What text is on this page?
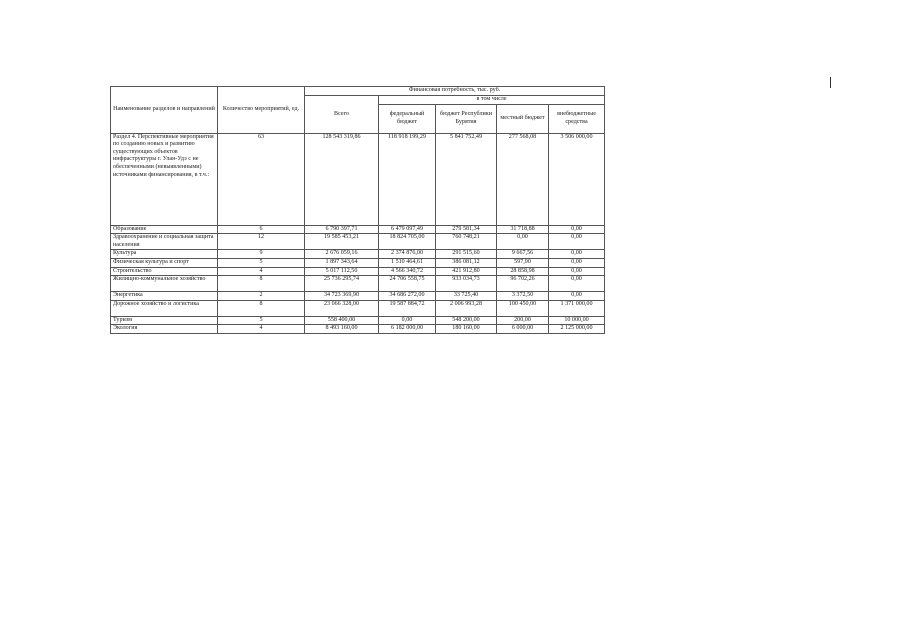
Наименование разделов и направлений	Количество мероприятий, ед.	Финансовая потребность, тыс. руб.				
		Всего	в том числе			
			федеральный бюджет	бюджет Республики Бурятия	местный бюджет	внебюджетные средства
Раздел 4. Перспективные мероприятия по созданию новых и развитию существующих объектов инфраструктуры г. Улан-Удэ с не обеспеченными (невыявленными) источниками финансирования, в т.ч.:	63	128 543 319,86	118 918 199,29	5 841 752,49	277 568,08	3 506 000,00
Образование	6	6 790 397,71	6 479 097,49	279 581,34	31 718,88	0,00
Здравоохранение и социальная защита населения	12	19 585 453,21	18 824 705,00	760 748,21	0,00	0,00
Культура	9	2 676 059,16	2 374 876,00	291 515,60	9 667,56	0,00
Физическая культура и спорт	5	1 897 343,64	1 510 464,61	386 081,12	597,90	0,00
Строительство	4	5 017 112,50	4 566 340,72	421 912,80	28 858,98	0,00
Жилищно-коммунальное хозяйство	8	25 736 295,74	24 706 558,75	933 034,73	96 702,26	0,00
Энергетика	2	34 723 369,90	34 686 272,00	33 725,40	3 372,50	0,00
Дорожное хозяйство и логистика	8	23 066 328,00	19 587 884,72	2 006 993,28	100 450,00	1 371 000,00
Туризм	5	558 400,00	0,00	548 200,00	200,00	10 000,00
Экология	4	8 493 160,00	6 182 000,00	180 160,00	6 000,00	2 125 000,00
